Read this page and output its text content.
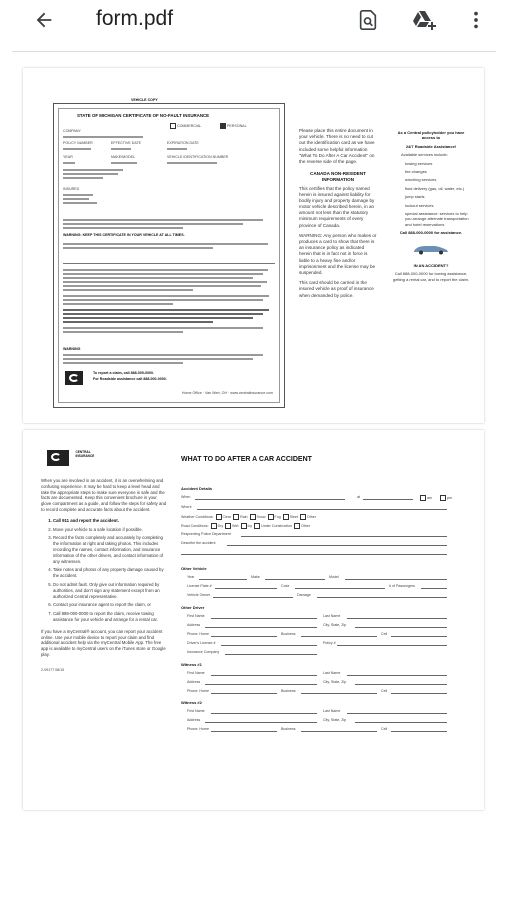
form.pdf
VEHICLE COPY
STATE OF MICHIGAN CERTIFICATE OF NO-FAULT INSURANCE
COMMERCIAL	PERSONAL
COMPANY
POLICY NUMBER	EFFECTIVE DATE	EXPIRATION DATE
YEAR	MAKE/MODEL	VEHICLE IDENTIFICATION NUMBER
INSURED
WARNING: KEEP THIS CERTIFICATE IN YOUR VEHICLE AT ALL TIMES.
WARNING
To report a claim, call 888-000-0000.
For Roadside assistance call 888-000-0000.
Home Office · Van Wert, OH · www.centralinsurance.com
Please place this entire document in your vehicle. There is no need to cut out the identification card as we have included some helpful information "What To Do After A Car Accident" on the reverse side of the page.
CANADA NON-RESIDENT INFORMATION
This certifies that the policy named herein is insured against liability for bodily injury and property damage by motor vehicle described herein, in an amount not less than the statutory minimum requirements of every province of Canada.
WARNING: Any person who makes or produces a card to show that there is an insurance policy as indicated herein that is in fact not in force is liable to a heavy fine and/or imprisonment and the license may be suspended.
This card should be carried in the insured vehicle as proof of insurance when demanded by police.
As a Central policyholder you have access to
24/7 Roadside Assistance!
Available services include:
towing services
tire changes
winching services
fluid delivery (gas, oil, water, etc.)
jump starts
lockout services
special assistance: services to help you arrange alternate transportation and hotel reservations
Call 888-000-0000 for assistance.
IN AN ACCIDENT?
Call 888-000-0000 for towing assistance, getting a rental car, and to report the claim.
CENTRAL INSURANCE	WHAT TO DO AFTER A CAR ACCIDENT
When you are involved in an accident, it is an overwhelming and confusing experience. It may be hard to keep a level head and take the appropriate steps to make sure everyone is safe and the facts are documented. Keep this convenient brochure in your glove compartment as a guide, and follow the steps for safety and to record complete and accurate facts about the accident.
1. Call 911 and report the accident.
2. Move your vehicle to a safe location if possible.
3. Record the facts completely and accurately by completing the information at right and taking photos. This includes recording the names, contact information, and insurance information of the other drivers, and contact information of any witnesses.
4. Take notes and photos of any property damage caused by the accident.
5. Do not admit fault. Only give out information required by authorities, and don't sign any statement except from an authorized Central representative.
6. Contact your insurance agent to report the claim, or
7. Call 888-000-0000 to report the claim, receive towing assistance for your vehicle and arrange for a rental car.
If you have a myCentral® account, you can report your accident online. Use your mobile device to report your claim and find additional accident help via the myCentral Mobile App. The free app is available to myCentral users on the iTunes store or Google play.
2-09177 08/15
Accident Details
When	at	am	pm
Where
Weather Conditions:	Clear	Rain	Snow	Fog	Sleet	Other
Road Conditions:	Dry	Wet	Icy	Under Construction	Other
Responding Police Department
Describe the accident
Other Vehicle
Year	Make	Model
License Plate #	Color	# of Passengers
Vehicle Owner	Damage
Other Driver
First Name	Last Name
Address	City, State, Zip
Phone: Home	Business	Cell
Driver's License #	Policy #
Insurance Company
Witness #1
First Name	Last Name
Address	City, State, Zip
Phone: Home	Business	Cell
Witness #2
First Name	Last Name
Address	City, State, Zip
Phone: Home	Business	Cell
